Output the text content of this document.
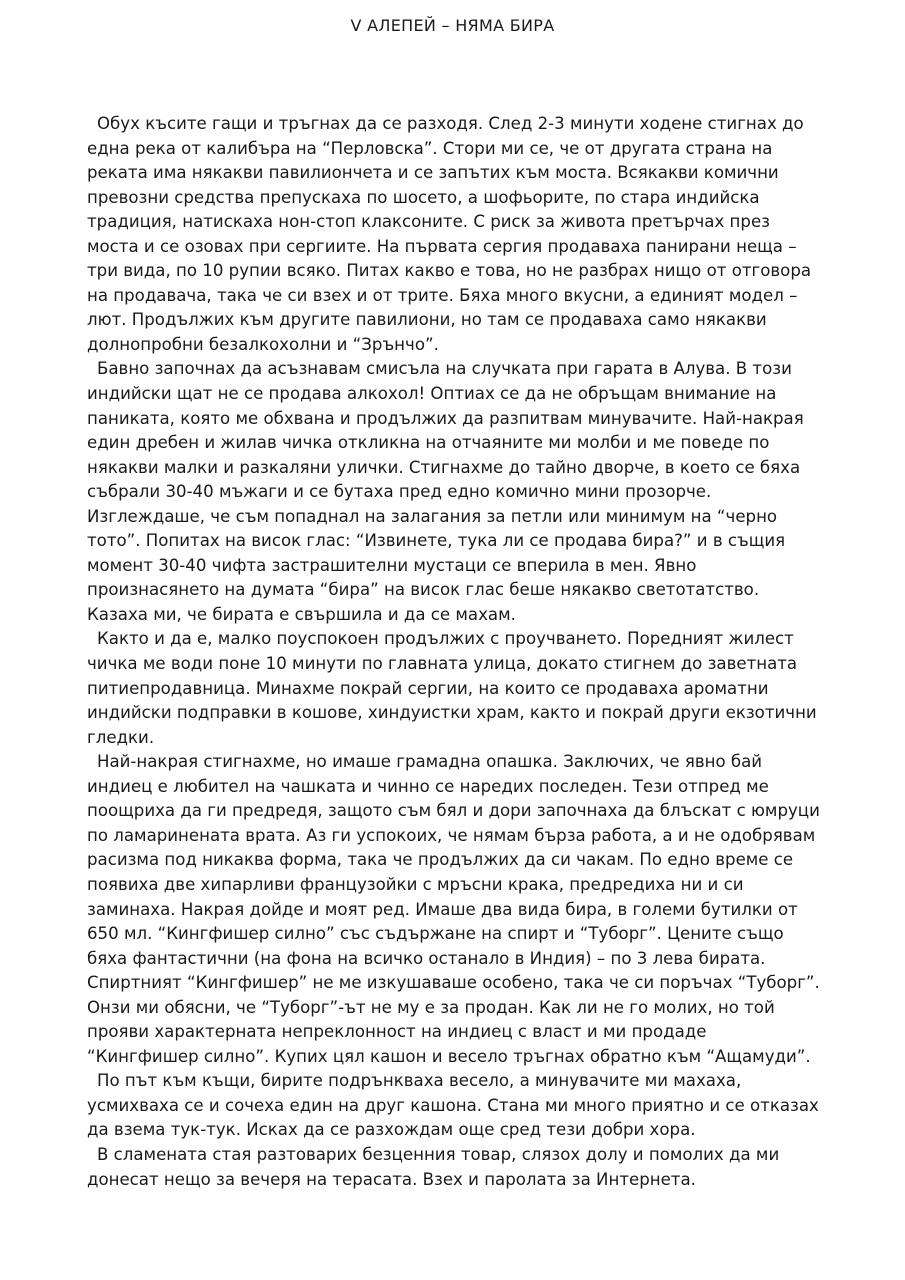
V АЛЕПЕЙ – НЯМА БИРА

Обух късите гащи и тръгнах да се разходя. След 2-3 минути ходене стигнах до една река от калибъра на “Перловска”. Стори ми се, че от другата страна на реката има някакви павилиончета и се запътих към моста. Всякакви комични превозни средства препускаха по шосето, а шофьорите, по стара индийска традиция, натискаха нон-стоп клаксоните. С риск за живота претърчах през моста и се озовах при сергиите. На първата сергия продаваха панирани неща – три вида, по 10 рупии всяко. Питах какво е това, но не разбрах нищо от отговора на продавача, така че си взех и от трите. Бяха много вкусни, а единият модел – лют. Продължих към другите павилиони, но там се продаваха само някакви долнопробни безалкохолни и “Зрънчо”.

Бавно започнах да асъзнавам смисъла на случката при гарата в Алува. В този индийски щат не се продава алкохол! Оптиах се да не обръщам внимание на паниката, която ме обхвана и продължих да разпитвам минувачите. Най-накрая един дребен и жилав чичка откликна на отчаяните ми молби и ме поведе по някакви малки и разкаляни улички. Стигнахме до тайно дворче, в което се бяха събрали 30-40 мъжаги и се бутаха пред едно комично мини прозорче. Изглеждаше, че съм попаднал на залагания за петли или минимум на “черно тото”. Попитах на висок глас: “Извинете, тука ли се продава бира?” и в същия момент 30-40 чифта застрашителни мустаци се вперила в мен. Явно произнасянето на думата “бира” на висок глас беше някакво светотатство. Казаха ми, че бирата е свършила и да се махам.

Както и да е, малко поуспокоен продължих с проучването. Поредният жилест чичка ме води поне 10 минути по главната улица, докато стигнем до заветната питиепродавница. Минахме покрай сергии, на които се продаваха ароматни индийски подправки в кошове, хиндуистки храм, както и покрай други екзотични гледки.

Най-накрая стигнахме, но имаше грамадна опашка. Заключих, че явно бай индиец е любител на чашката и чинно се наредих последен. Тези отпред ме поощриха да ги предредя, защото съм бял и дори започнаха да блъскат с юмруци по ламаринената врата. Аз ги успокоих, че нямам бърза работа, а и не одобрявам расизма под никаква форма, така че продължих да си чакам. По едно време се появиха две хипарливи французойки с мръсни крака, предредиха ни и си заминаха. Накрая дойде и моят ред. Имаше два вида бира, в големи бутилки от 650 мл. “Кингфишер силно” със съдържане на спирт и “Туборг”. Цените също бяха фантастични (на фона на всичко останало в Индия) – по 3 лева бирата. Спиртният “Кингфишер” не ме изкушаваше особено, така че си поръчах “Туборг”. Онзи ми обясни, че “Туборг”-ът не му е за продан. Как ли не го молих, но той прояви характерната непреклонност на индиец с власт и ми продаде “Кингфишер силно”. Купих цял кашон и весело тръгнах обратно към “Ащамуди”.

По път към къщи, бирите подрънкваха весело, а минувачите ми махаха, усмихваха се и сочеха един на друг кашона. Стана ми много приятно и се отказах да взема тук-тук. Исках да се разхождам още сред тези добри хора.

В сламената стая разтоварих безценния товар, слязох долу и помолих да ми донесат нещо за вечеря на терасата. Взех и паролата за Интернета.
